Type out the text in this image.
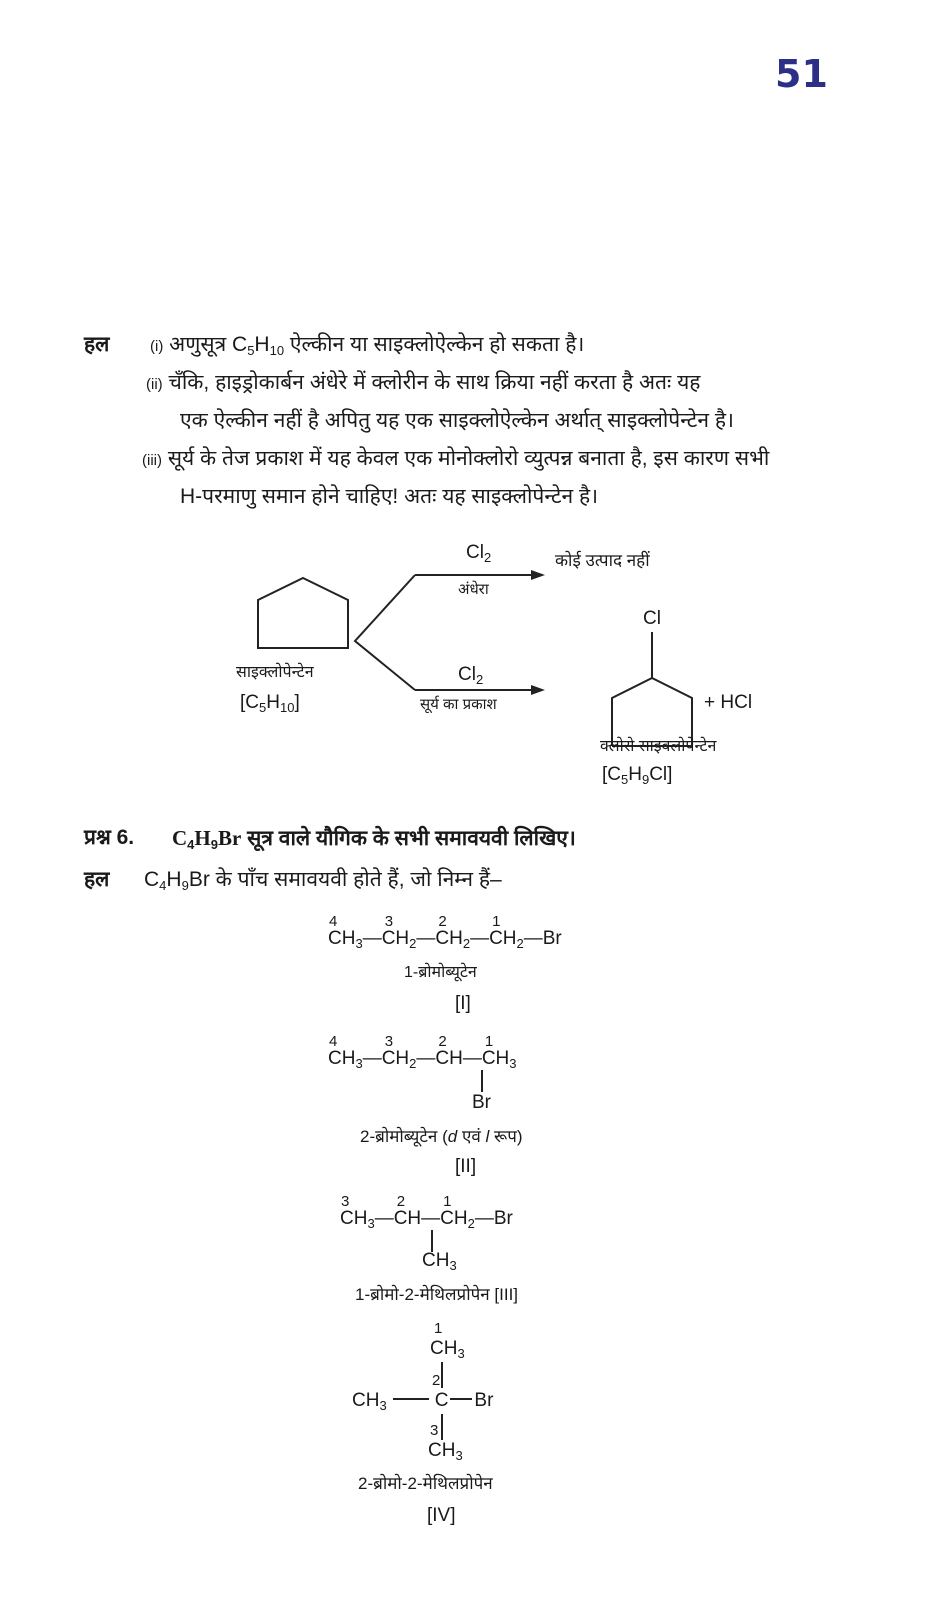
51
हल	(i) अणुसूत्र $C_5H_{10}$ ऐल्कीन या साइक्लोऐल्केन हो सकता है।
(ii) चँकि, हाइड्रोकार्बन अंधेरे में क्लोरीन के साथ क्रिया नहीं करता है अतः यह
एक ऐल्कीन नहीं है अपितु यह एक साइक्लोऐल्केन अर्थात् साइक्लोपेन्टेन है।
(iii) सूर्य के तेज प्रकाश में यह केवल एक मोनोक्लोरो व्युत्पन्न बनाता है, इस कारण सभी
H-परमाणु समान होने चाहिए! अतः यह साइक्लोपेन्टेन है।
साइक्लोपेन्टेन
$[C_5H_{10}]$
$Cl_2$
अंधेरा
कोई उत्पाद नहीं
$Cl_2$
सूर्य का प्रकाश
Cl
+ HCl
क्लोरो साइक्लोपेन्टेन
$[C_5H_9Cl]$
प्रश्न 6. $C_4H_9Br$ सूत्र वाले यौगिक के सभी समावयवी लिखिए।
हल $C_4H_9Br$ के पाँच समावयवी होते हैं, जो निम्न हैं–
4
$CH_3$
3
$—CH_2$
2
$—CH_2$
1
$—CH_2—Br$
1-ब्रोमोब्यूटेन
[I]
4
$CH_3$
3
$—CH_2$
2
—CH
1
$—CH_3$
Br
2-ब्रोमोब्यूटेन (d एवं l रूप)
[II]
3
$CH_3$
2
—CH
1
$—CH_2—Br$
$CH_3$
1-ब्रोमो-2-मेथिलप्रोपेन [III]
1
$CH_3$
2
$CH_3$	C Br
3
$CH_3$
2-ब्रोमो-2-मेथिलप्रोपेन
[IV]
